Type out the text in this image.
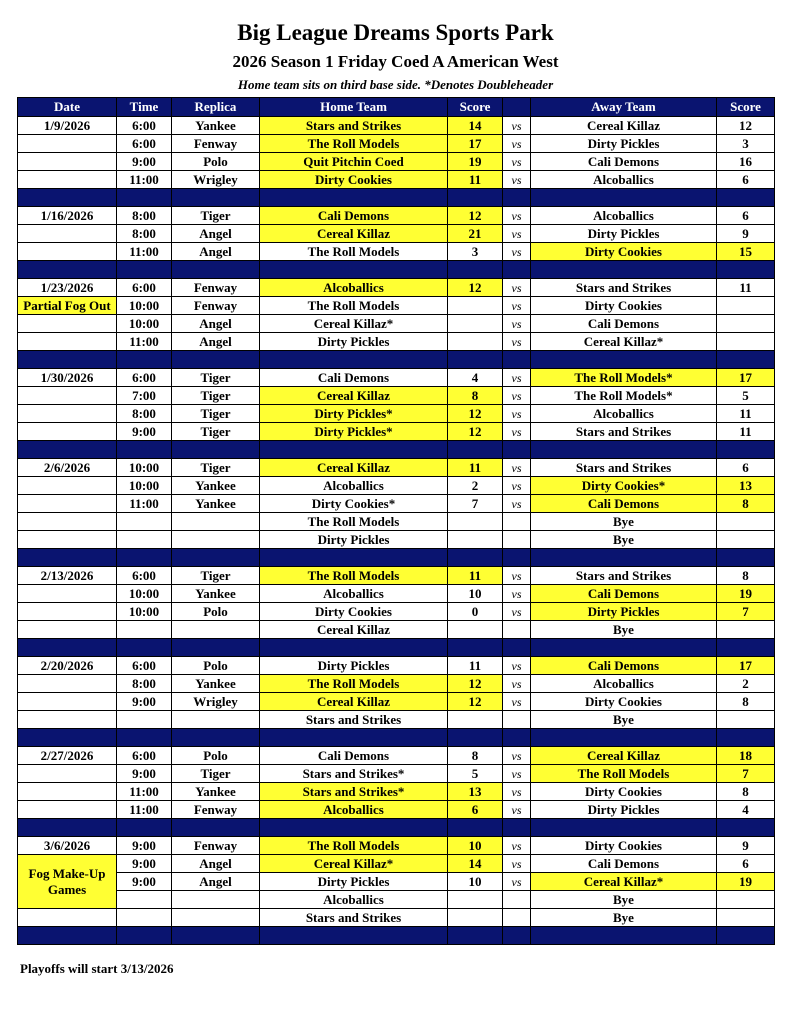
Big League Dreams Sports Park
2026 Season 1 Friday Coed A American West
Home team sits on third base side. *Denotes Doubleheader
Date	Time	Replica	Home Team	Score		Away Team	Score
1/9/2026	6:00	Yankee	Stars and Strikes	14	vs	Cereal Killaz	12
	6:00	Fenway	The Roll Models	17	vs	Dirty Pickles	3
	9:00	Polo	Quit Pitchin Coed	19	vs	Cali Demons	16
	11:00	Wrigley	Dirty Cookies	11	vs	Alcoballics	6

1/16/2026	8:00	Tiger	Cali Demons	12	vs	Alcoballics	6
	8:00	Angel	Cereal Killaz	21	vs	Dirty Pickles	9
	11:00	Angel	The Roll Models	3	vs	Dirty Cookies	15

1/23/2026	6:00	Fenway	Alcoballics	12	vs	Stars and Strikes	11
Partial Fog Out	10:00	Fenway	The Roll Models		vs	Dirty Cookies	
	10:00	Angel	Cereal Killaz*		vs	Cali Demons	
	11:00	Angel	Dirty Pickles		vs	Cereal Killaz*	

1/30/2026	6:00	Tiger	Cali Demons	4	vs	The Roll Models*	17
	7:00	Tiger	Cereal Killaz	8	vs	The Roll Models*	5
	8:00	Tiger	Dirty Pickles*	12	vs	Alcoballics	11
	9:00	Tiger	Dirty Pickles*	12	vs	Stars and Strikes	11

2/6/2026	10:00	Tiger	Cereal Killaz	11	vs	Stars and Strikes	6
	10:00	Yankee	Alcoballics	2	vs	Dirty Cookies*	13
	11:00	Yankee	Dirty Cookies*	7	vs	Cali Demons	8
			The Roll Models			Bye	
			Dirty Pickles			Bye	

2/13/2026	6:00	Tiger	The Roll Models	11	vs	Stars and Strikes	8
	10:00	Yankee	Alcoballics	10	vs	Cali Demons	19
	10:00	Polo	Dirty Cookies	0	vs	Dirty Pickles	7
			Cereal Killaz			Bye	

2/20/2026	6:00	Polo	Dirty Pickles	11	vs	Cali Demons	17
	8:00	Yankee	The Roll Models	12	vs	Alcoballics	2
	9:00	Wrigley	Cereal Killaz	12	vs	Dirty Cookies	8
			Stars and Strikes			Bye	

2/27/2026	6:00	Polo	Cali Demons	8	vs	Cereal Killaz	18
	9:00	Tiger	Stars and Strikes*	5	vs	The Roll Models	7
	11:00	Yankee	Stars and Strikes*	13	vs	Dirty Cookies	8
	11:00	Fenway	Alcoballics	6	vs	Dirty Pickles	4

3/6/2026	9:00	Fenway	The Roll Models	10	vs	Dirty Cookies	9
Fog Make-Up Games	9:00	Angel	Cereal Killaz*	14	vs	Cali Demons	6
	9:00	Angel	Dirty Pickles	10	vs	Cereal Killaz*	19
			Alcoballics			Bye	
			Stars and Strikes			Bye	

Playoffs will start 3/13/2026
